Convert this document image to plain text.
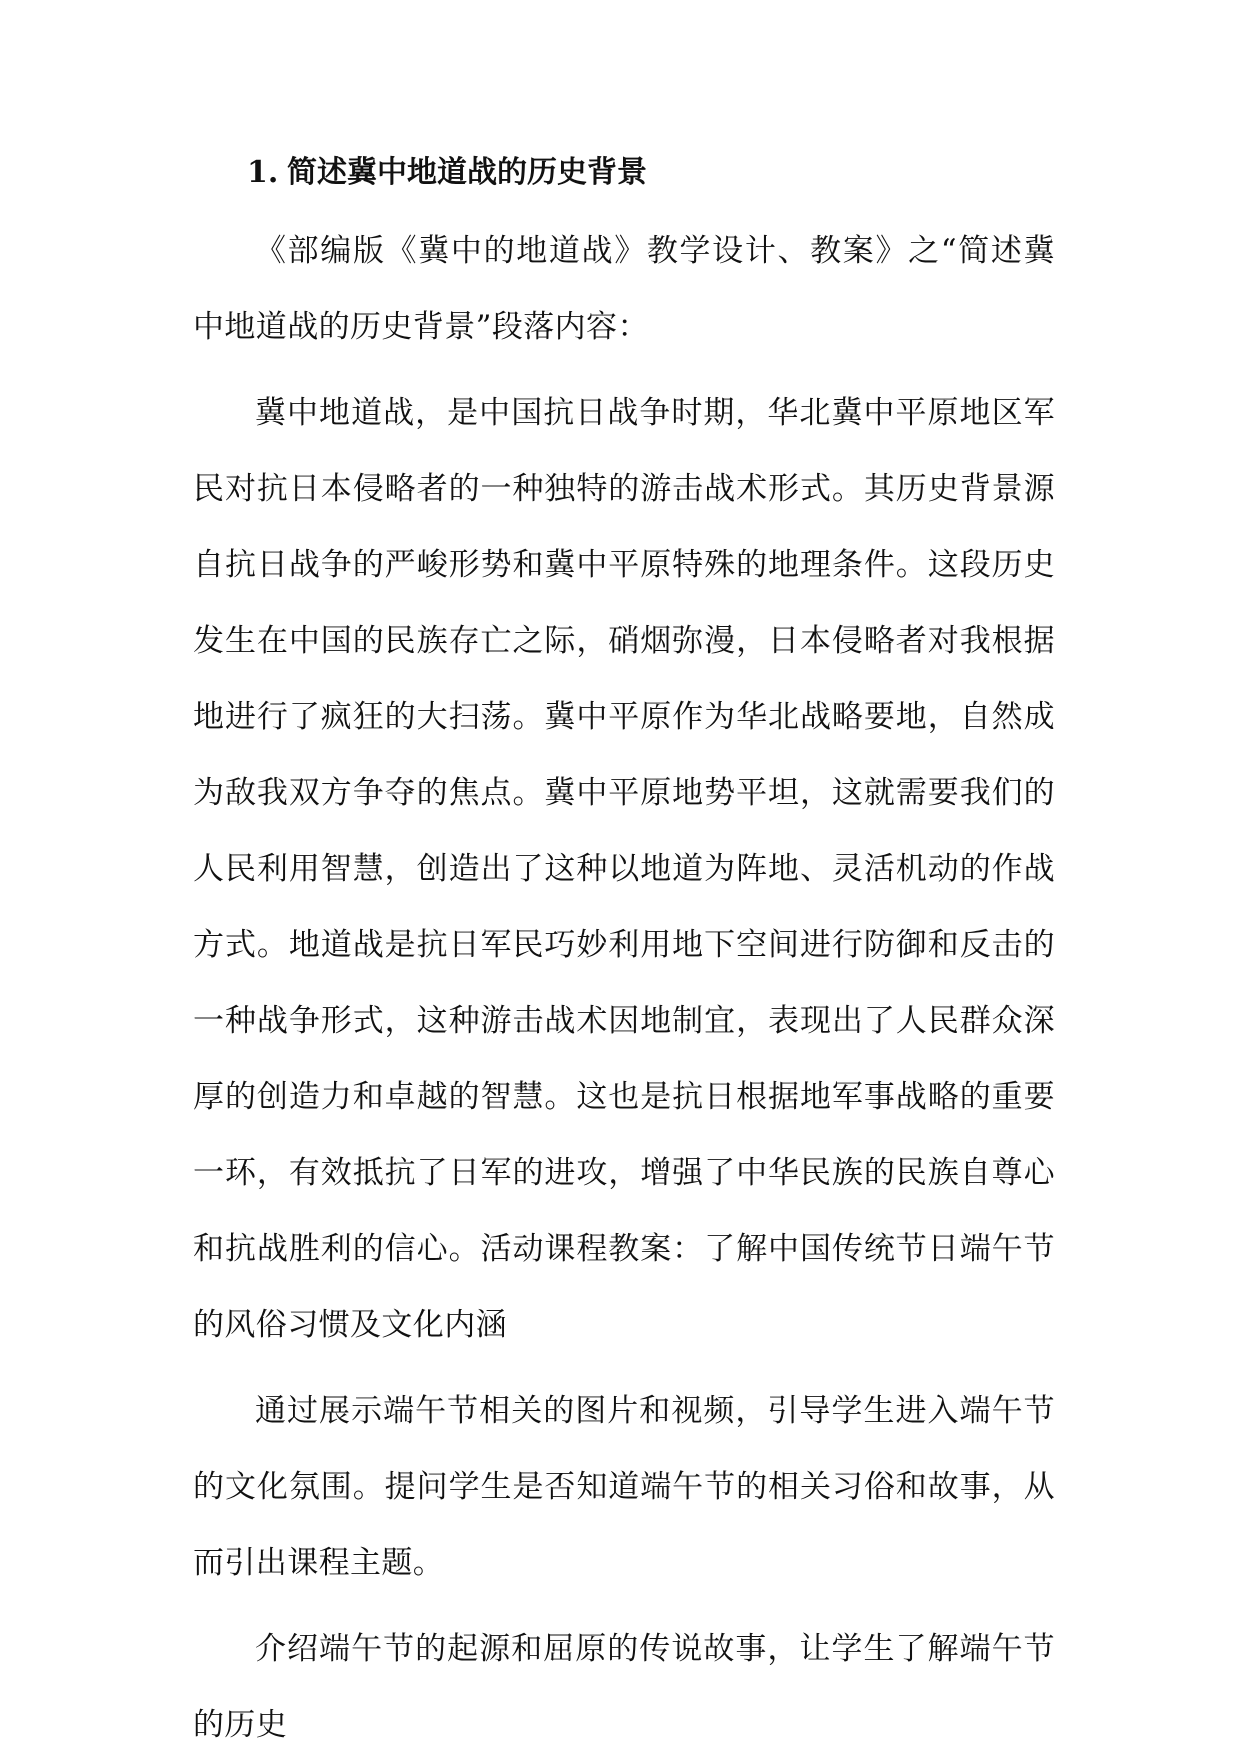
1. 简述冀中地道战的历史背景

《部编版《冀中的地道战》教学设计、教案》之“简述冀中地道战的历史背景”段落内容：

冀中地道战，是中国抗日战争时期，华北冀中平原地区军民对抗日本侵略者的一种独特的游击战术形式。其历史背景源自抗日战争的严峻形势和冀中平原特殊的地理条件。这段历史发生在中国的民族存亡之际，硝烟弥漫，日本侵略者对我根据地进行了疯狂的大扫荡。冀中平原作为华北战略要地，自然成为敌我双方争夺的焦点。冀中平原地势平坦，这就需要我们的人民利用智慧，创造出了这种以地道为阵地、灵活机动的作战方式。地道战是抗日军民巧妙利用地下空间进行防御和反击的一种战争形式，这种游击战术因地制宜，表现出了人民群众深厚的创造力和卓越的智慧。这也是抗日根据地军事战略的重要一环，有效抵抗了日军的进攻，增强了中华民族的民族自尊心和抗战胜利的信心。活动课程教案：了解中国传统节日端午节的风俗习惯及文化内涵

通过展示端午节相关的图片和视频，引导学生进入端午节的文化氛围。提问学生是否知道端午节的相关习俗和故事，从而引出课程主题。

介绍端午节的起源和屈原的传说故事，让学生了解端午节的历史
